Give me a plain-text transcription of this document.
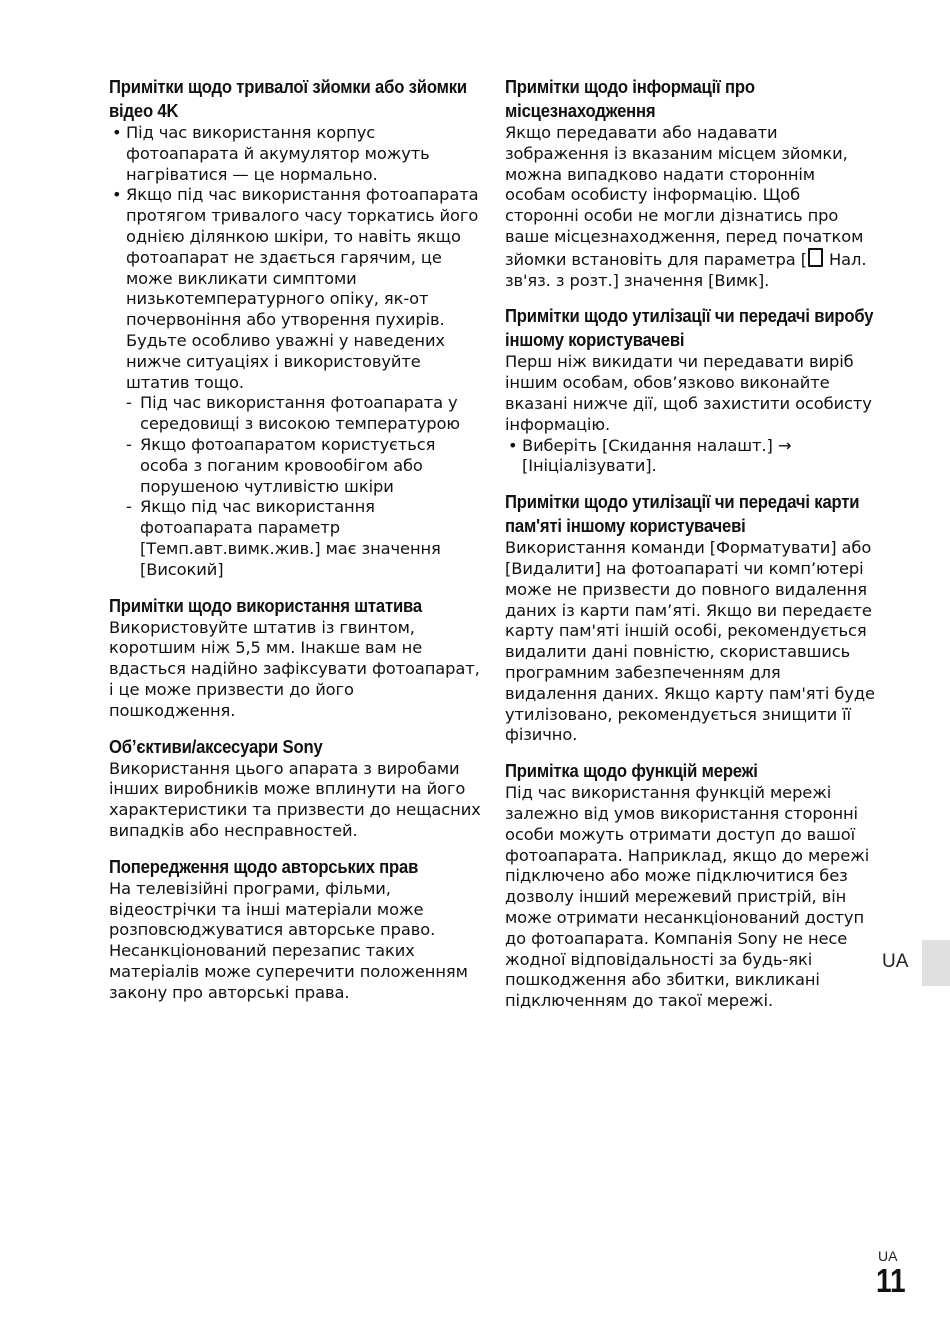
Примітки щодо тривалої зйомки або зйомки відео 4K
• Під час використання корпус фотоапарата й акумулятор можуть нагріватися — це нормально.
• Якщо під час використання фотоапарата протягом тривалого часу торкатись його однією ділянкою шкіри, то навіть якщо фотоапарат не здається гарячим, це може викликати симптоми низькотемпературного опіку, як-от почервоніння або утворення пухирів. Будьте особливо уважні у наведених нижче ситуаціях і використовуйте штатив тощо.
- Під час використання фотоапарата у середовищі з високою температурою
- Якщо фотоапаратом користується особа з поганим кровообігом або порушеною чутливістю шкіри
- Якщо під час використання фотоапарата параметр [Темп.авт.вимк.жив.] має значення [Високий]
Примітки щодо використання штатива

Використовуйте штатив із гвинтом, коротшим ніж 5,5 мм. Інакше вам не вдасться надійно зафіксувати фотоапарат, і це може призвести до його пошкодження.

Об’єктиви/аксесуари Sony

Використання цього апарата з виробами інших виробників може вплинути на його характеристики та призвести до нещасних випадків або несправностей.

Попередження щодо авторських прав

На телевізійні програми, фільми, відеострічки та інші матеріали може розповсюджуватися авторське право. Несанкціонований перезапис таких матеріалів може суперечити положенням закону про авторські права.

Примітки щодо інформації про місцезнаходження

Якщо передавати або надавати зображення із вказаним місцем зйомки, можна випадково надати стороннім особам особисту інформацію. Щоб сторонні особи не могли дізнатись про ваше місцезнаходження, перед початком зйомки встановіть для параметра [ Нал. зв'яз. з розт.] значення [Вимк].

Примітки щодо утилізації чи передачі виробу іншому користувачеві

Перш ніж викидати чи передавати виріб іншим особам, обов’язково виконайте вказані нижче дії, щоб захистити особисту інформацію.

• Виберіть [Скидання налашт.] → [Ініціалізувати].
Примітки щодо утилізації чи передачі карти пам'яті іншому користувачеві

Використання команди [Форматувати] або [Видалити] на фотоапараті чи комп’ютері може не призвести до повного видалення даних із карти пам’яті. Якщо ви передаєте карту пам'яті іншій особі, рекомендується видалити дані повністю, скориставшись програмним забезпеченням для видалення даних. Якщо карту пам'яті буде утилізовано, рекомендується знищити її фізично.

Примітка щодо функцій мережі

Під час використання функцій мережі залежно від умов використання сторонні особи можуть отримати доступ до вашої фотоапарата. Наприклад, якщо до мережі підключено або може підключитися без дозволу інший мережевий пристрій, він може отримати несанкціонований доступ до фотоапарата. Компанія Sony не несе жодної відповідальності за будь-які пошкодження або збитки, викликані підключенням до такої мережі.

UA
UA
11
